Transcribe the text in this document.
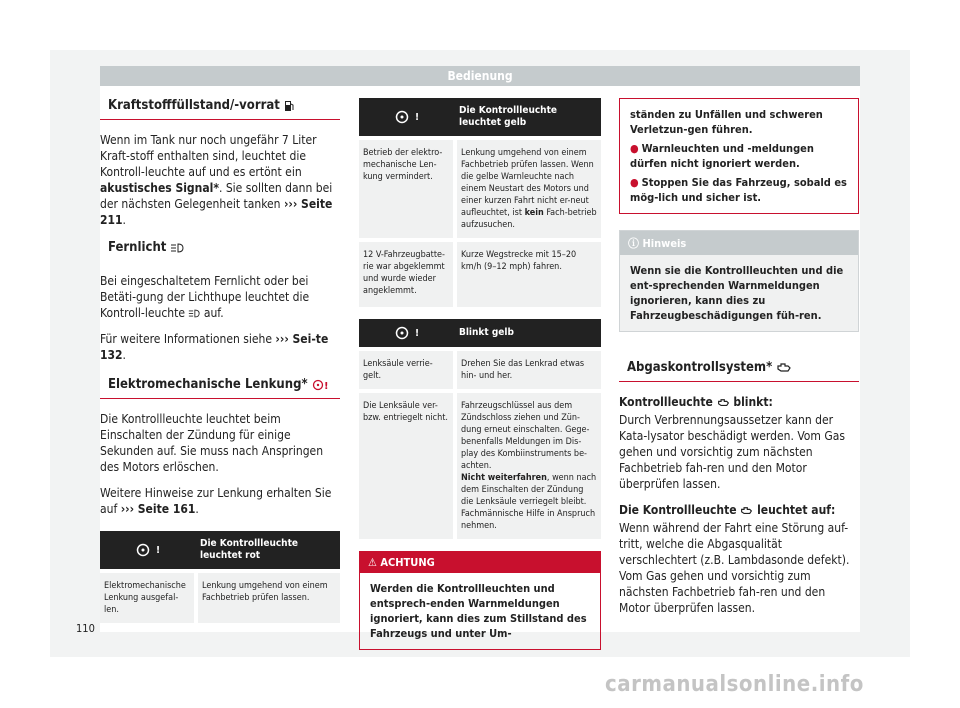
Bedienung
Kraftstofffüllstand/-vorrat

Wenn im Tank nur noch ungefähr 7 Liter Kraft-stoff enthalten sind, leuchtet die Kontroll-leuchte auf und es ertönt ein akustisches Signal*. Sie sollten dann bei der nächsten Gelegenheit tanken ››› Seite 211.

Fernlicht

Bei eingeschaltetem Fernlicht oder bei Betäti-gung der Lichthupe leuchtet die Kontroll-leuchte  auf.

Für weitere Informationen siehe ››› Sei-te 132.

Elektromechanische Lenkung* !

Die Kontrollleuchte leuchtet beim Einschalten der Zündung für einige Sekunden auf. Sie muss nach Anspringen des Motors erlöschen.

Weitere Hinweise zur Lenkung erhalten Sie auf ››› Seite 161.

!	Die Kontrollleuchte leuchtet rot
Elektromechanische Lenkung ausgefal-len.	Lenkung umgehend von einem Fachbetrieb prüfen lassen.
!	Die Kontrollleuchte leuchtet gelb
Betrieb der elektro-mechanische Len-kung vermindert.	Lenkung umgehend von einem Fachbetrieb prüfen lassen. Wenn die gelbe Warnleuchte nach einem Neustart des Motors und einer kurzen Fahrt nicht er-neut aufleuchtet, ist kein Fach-betrieb aufzusuchen.
12 V-Fahrzeugbatte-rie war abgeklemmt und wurde wieder angeklemmt.	Kurze Wegstrecke mit 15–20 km/h (9–12 mph) fahren.
!	Blinkt gelb
Lenksäule verrie-gelt.	Drehen Sie das Lenkrad etwas hin- und her.
Die Lenksäule ver-bzw. entriegelt nicht.	Fahrzeugschlüssel aus dem Zündschloss ziehen und Zün-dung erneut einschalten. Gege-benenfalls Meldungen im Dis-play des Kombiinstruments be-achten.
Nicht weiterfahren, wenn nach dem Einschalten der Zündung die Lenksäule verriegelt bleibt. Fachmännische Hilfe in Anspruch nehmen.
⚠ ACHTUNG
Werden die Kontrollleuchten und entsprech-enden Warnmeldungen ignoriert, kann dies zum Stillstand des Fahrzeugs und unter Um-
ständen zu Unfällen und schweren Verletzun-gen führen.
● Warnleuchten und -meldungen dürfen nicht ignoriert werden.
● Stoppen Sie das Fahrzeug, sobald es mög-lich und sicher ist.
ⓘ Hinweis
Wenn sie die Kontrollleuchten und die ent-sprechenden Warnmeldungen ignorieren, kann dies zu Fahrzeugbeschädigungen füh-ren.
Abgaskontrollsystem*

Kontrollleuchte  blinkt:

Durch Verbrennungsaussetzer kann der Kata-lysator beschädigt werden. Vom Gas gehen und vorsichtig zum nächsten Fachbetrieb fah-ren und den Motor überprüfen lassen.

Die Kontrollleuchte  leuchtet auf:

Wenn während der Fahrt eine Störung auf-tritt, welche die Abgasqualität verschlechtert (z.B. Lambdasonde defekt). Vom Gas gehen und vorsichtig zum nächsten Fachbetrieb fah-ren und den Motor überprüfen lassen.

110
carmanualsonline.info
